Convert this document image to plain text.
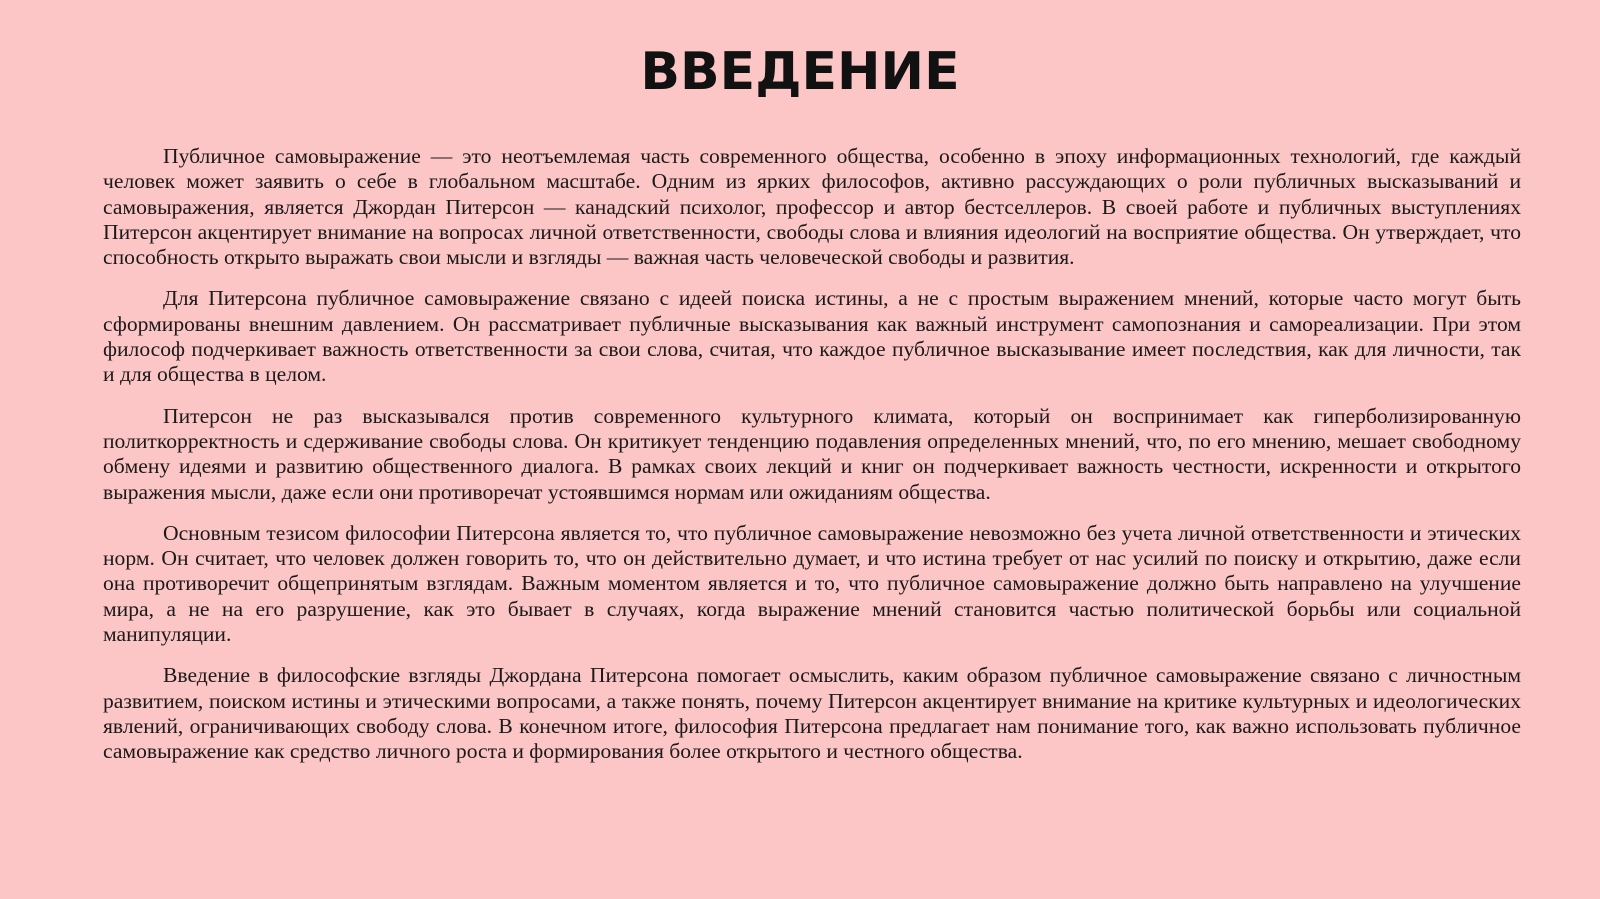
ВВЕДЕНИЕ

Публичное самовыражение — это неотъемлемая часть современного общества, особенно в эпоху информационных технологий, где каждый человек может заявить о себе в глобальном масштабе. Одним из ярких философов, активно рассуждающих о роли публичных высказываний и самовыражения, является Джордан Питерсон — канадский психолог, профессор и автор бестселлеров. В своей работе и публичных выступлениях Питерсон акцентирует внимание на вопросах личной ответственности, свободы слова и влияния идеологий на восприятие общества. Он утверждает, что способность открыто выражать свои мысли и взгляды — важная часть человеческой свободы и развития.

Для Питерсона публичное самовыражение связано с идеей поиска истины, а не с простым выражением мнений, которые часто могут быть сформированы внешним давлением. Он рассматривает публичные высказывания как важный инструмент самопознания и самореализации. При этом философ подчеркивает важность ответственности за свои слова, считая, что каждое публичное высказывание имеет последствия, как для личности, так и для общества в целом.

Питерсон не раз высказывался против современного культурного климата, который он воспринимает как гиперболизированную политкорректность и сдерживание свободы слова. Он критикует тенденцию подавления определенных мнений, что, по его мнению, мешает свободному обмену идеями и развитию общественного диалога. В рамках своих лекций и книг он подчеркивает важность честности, искренности и открытого выражения мысли, даже если они противоречат устоявшимся нормам или ожиданиям общества.

Основным тезисом философии Питерсона является то, что публичное самовыражение невозможно без учета личной ответственности и этических норм. Он считает, что человек должен говорить то, что он действительно думает, и что истина требует от нас усилий по поиску и открытию, даже если она противоречит общепринятым взглядам. Важным моментом является и то, что публичное самовыражение должно быть направлено на улучшение мира, а не на его разрушение, как это бывает в случаях, когда выражение мнений становится частью политической борьбы или социальной манипуляции.

Введение в философские взгляды Джордана Питерсона помогает осмыслить, каким образом публичное самовыражение связано с личностным развитием, поиском истины и этическими вопросами, а также понять, почему Питерсон акцентирует внимание на критике культурных и идеологических явлений, ограничивающих свободу слова. В конечном итоге, философия Питерсона предлагает нам понимание того, как важно использовать публичное самовыражение как средство личного роста и формирования более открытого и честного общества.
